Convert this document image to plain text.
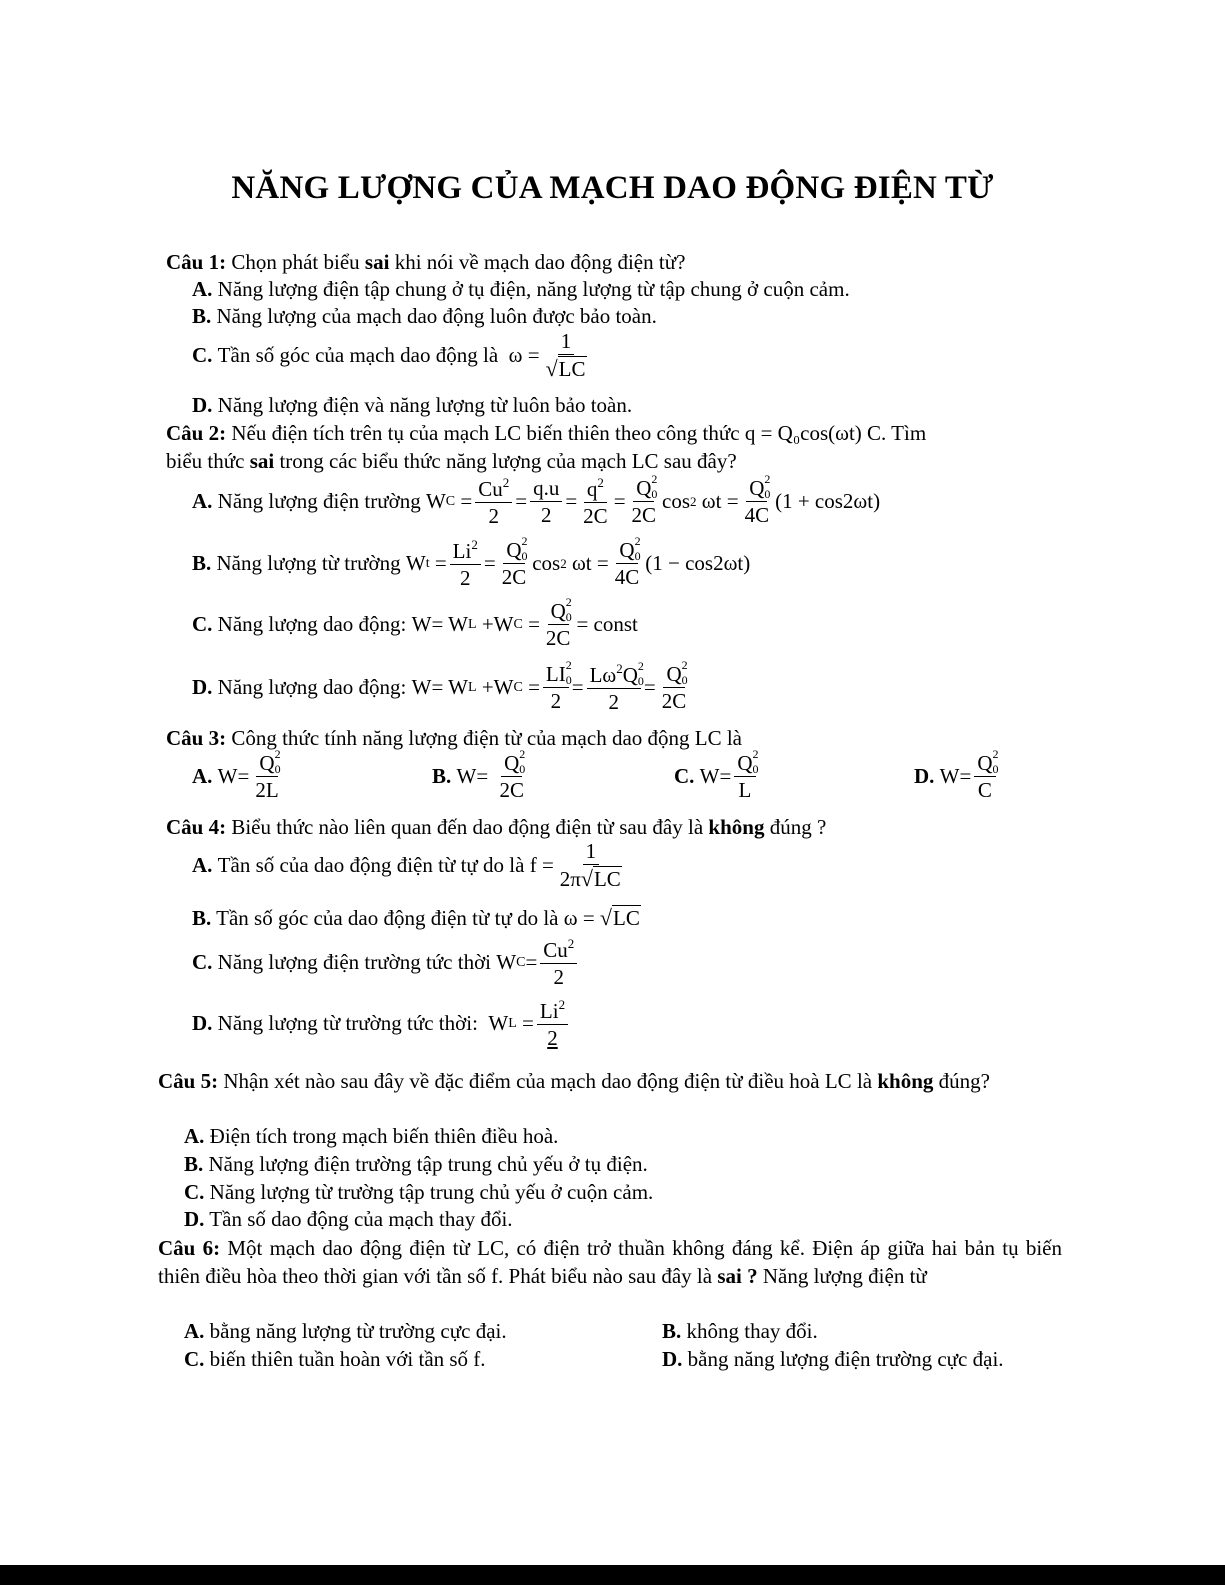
NĂNG LƯỢNG CỦA MẠCH DAO ĐỘNG ĐIỆN TỪ
Câu 1: Chọn phát biểu sai khi nói về mạch dao động điện từ?
A. Năng lượng điện tập chung ở tụ điện, năng lượng từ tập chung ở cuộn cảm.
B. Năng lượng của mạch dao động luôn được bảo toàn.
C.
Tần số góc của mạch dao động là
ω
= $\frac{1}{√LC}$
D. Năng lượng điện và năng lượng từ luôn bảo toàn.
Câu 2: Nếu điện tích trên tụ của mạch LC biến thiên theo công thức q = Q₀cos(ωt) C. Tìm
biểu thức sai trong các biểu thức năng lượng của mạch LC sau đây?
A.
Năng lượng điện trường
W C
= $\frac{Cu^2}{2} = \frac{q.u}{2} = \frac{q^2}{2C} = Q$ 2
0
2C cos 2
ωt
= Q 2
0
4C (1 + cos2ωt)
B.
Năng lượng từ trường
W t
= $\frac{Li^2}{2} = Q$ 2
0
2C cos 2
ωt
= Q 2
0
4C (1 − cos2ωt)
C.
Năng lượng dao động:
W= W L
+W C
= Q 2
0
2C = const
D.
Năng lượng dao động:
W= W L
+W C
= LI 2
0
$2 = L\omega^2Q$ 2
0
2 = Q 2
0
2C
Câu 3: Công thức tính năng lượng điện từ của mạch dao động LC là
A.
W= Q 2
0
2L	B.
W=
Q 2
0
2C	C.
W= Q 2
0
L	D.
W= Q 2
0
C
Câu 4: Biểu thức nào liên quan đến dao động điện từ sau đây là không đúng ?
A.
Tần số của dao động điện từ tự do là
$f = \frac{1}{2\pi√LC}$
B. Tần số góc của dao động điện từ tự do là ω = √LC
C.
Năng lượng điện trường tức thời
W $C = \frac{Cu^2}{2}$
D.
Năng lượng từ trường tức thời:
W L
= $\frac{Li^2}{2}$
Câu 5: Nhận xét nào sau đây về đặc điểm của mạch dao động điện từ điều hoà LC là không đúng?
A. Điện tích trong mạch biến thiên điều hoà.
B. Năng lượng điện trường tập trung chủ yếu ở tụ điện.
C. Năng lượng từ trường tập trung chủ yếu ở cuộn cảm.
D. Tần số dao động của mạch thay đổi.
Câu 6: Một mạch dao động điện từ LC, có điện trở thuần không đáng kể. Điện áp giữa hai bản tụ biến thiên điều hòa theo thời gian với tần số f. Phát biểu nào sau đây là sai ? Năng lượng điện từ
A. bằng năng lượng từ trường cực đại.	B. không thay đổi.
C. biến thiên tuần hoàn với tần số f.	D. bằng năng lượng điện trường cực đại.
